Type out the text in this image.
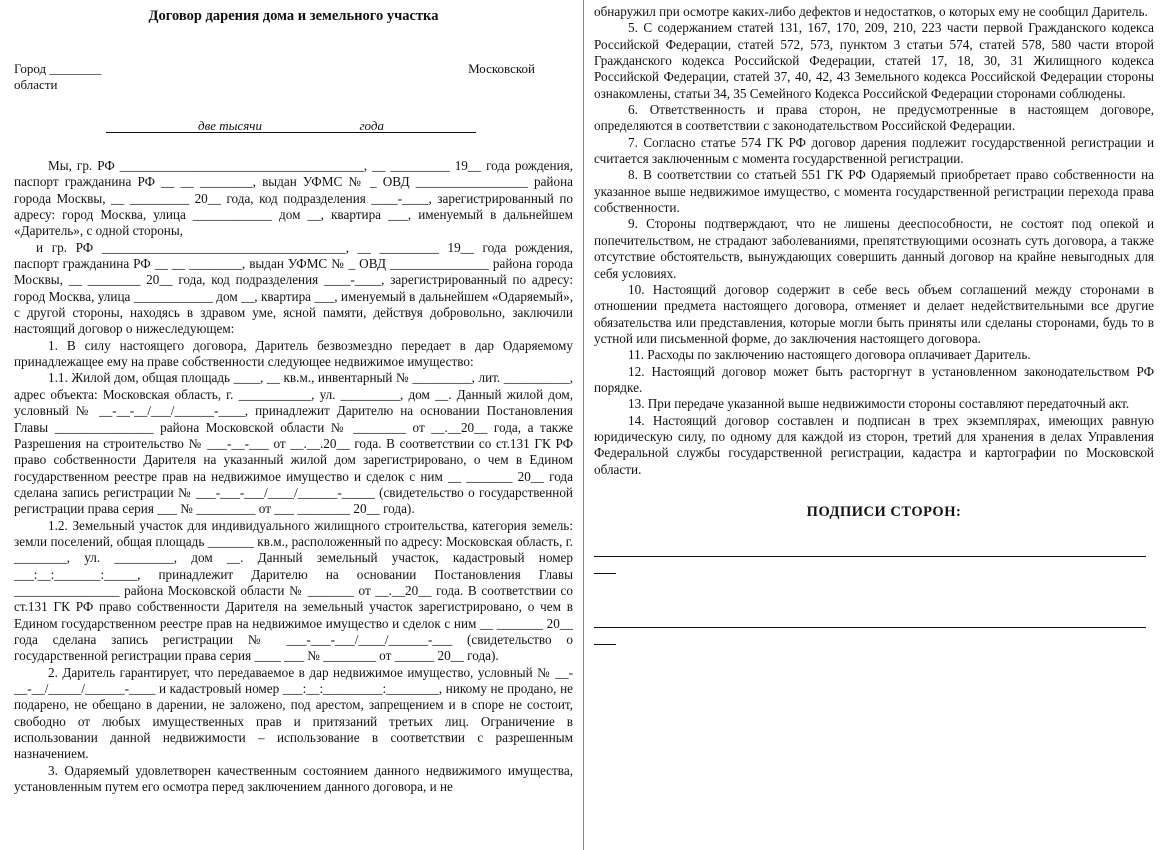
Договор дарения дома и земельного участка
Город ________	Московской
области
две тысячи                              года

Мы, гр. РФ _____________________________________, __ _________ 19__ года рождения, паспорт гражданина РФ __ __ ________, выдан УФМС № _ ОВД _________________ района города Москвы, __ _________ 20__ года, код подразделения ____-____, зарегистрированный по адресу: город Москва, улица ____________ дом __, квартира ___, именуемый в дальнейшем «Даритель», с одной стороны,

и гр. РФ _____________________________________, __ _________ 19__ года рождения, паспорт гражданина РФ __ __ ________, выдан УФМС № _ ОВД _______________ района города Москвы, __ ________ 20__ года, код подразделения ____-____, зарегистрированный по адресу: город Москва, улица ____________ дом __, квартира ___, именуемый в дальнейшем «Одаряемый», с другой стороны, находясь в здравом уме, ясной памяти, действуя добровольно, заключили настоящий договор о нижеследующем:

1. В силу настоящего договора, Даритель безвозмездно передает в дар Одаряемому принадлежащее ему на праве собственности следующее недвижимое имущество:

1.1. Жилой дом, общая площадь ____, __ кв.м., инвентарный № _________, лит. __________, адрес объекта: Московская область, г. ___________, ул. _________, дом __. Данный жилой дом, условный № __-__-__/___/______-____, принадлежит Дарителю на основании Постановления Главы _______________ района Московской области № ________ от __.__20__ года, а также Разрешения на строительство № ___-__-___ от __.__.20__ года. В соответствии со ст.131 ГК РФ право собственности Дарителя на указанный жилой дом зарегистрировано, о чем в Едином государственном реестре прав на недвижимое имущество и сделок с ним __ _______ 20__ года сделана запись регистрации № ___-___-___/____/______-_____ (свидетельство о государственной регистрации права серия ___ № _________ от ___ ________ 20__ года).

1.2. Земельный участок для индивидуального жилищного строительства, категория земель: земли поселений, общая площадь _______ кв.м., расположенный по адресу: Московская область, г. ________, ул. _________, дом __. Данный земельный участок, кадастровый номер ___:__:_______:_____, принадлежит Дарителю на основании Постановления Главы ________________ района Московской области № _______ от __.__20__ года. В соответствии со ст.131 ГК РФ право собственности Дарителя на земельный участок зарегистрировано, о чем в Едином государственном реестре прав на недвижимое имущество и сделок с ним __ _______ 20__ года сделана запись регистрации № ___-___-___/____/______-___ (свидетельство о государственной регистрации права серия ____ ___ № ________ от ______ 20__ года).

2. Даритель гарантирует, что передаваемое в дар недвижимое имущество, условный № __-__-__/_____/______-____ и кадастровый номер ___:__:_________:________, никому не продано, не подарено, не обещано в дарении, не заложено, под арестом, запрещением и в споре не состоит, свободно от любых имущественных прав и притязаний третьих лиц. Ограничение в использовании данной недвижимости – использование в соответствии с разрешенным назначением.

3. Одаряемый удовлетворен качественным состоянием данного недвижимого имущества, установленным путем его осмотра перед заключением данного договора, и не

обнаружил при осмотре каких-либо дефектов и недостатков, о которых ему не сообщил Даритель.

5. С содержанием статей 131, 167, 170, 209, 210, 223 части первой Гражданского кодекса Российской Федерации, статей 572, 573, пунктом 3 статьи 574, статей 578, 580 части второй Гражданского кодекса Российской Федерации, статей 17, 18, 30, 31 Жилищного кодекса Российской Федерации, статей 37, 40, 42, 43 Земельного кодекса Российской Федерации стороны ознакомлены, статьи 34, 35 Семейного Кодекса Российской Федерации сторонами соблюдены.

6. Ответственность и права сторон, не предусмотренные в настоящем договоре, определяются в соответствии с законодательством Российской Федерации.

7. Согласно статье 574 ГК РФ договор дарения подлежит государственной регистрации и считается заключенным с момента государственной регистрации.

8. В соответствии со статьей 551 ГК РФ Одаряемый приобретает право собственности на указанное выше недвижимое имущество, с момента государственной регистрации перехода права собственности.

9. Стороны подтверждают, что не лишены дееспособности, не состоят под опекой и попечительством, не страдают заболеваниями, препятствующими осознать суть договора, а также отсутствие обстоятельств, вынуждающих совершить данный договор на крайне невыгодных для себя условиях.

10. Настоящий договор содержит в себе весь объем соглашений между сторонами в отношении предмета настоящего договора, отменяет и делает недействительными все другие обязательства или представления, которые могли быть приняты или сделаны сторонами, будь то в устной или письменной форме, до заключения настоящего договора.

11. Расходы по заключению настоящего договора оплачивает Даритель.

12. Настоящий договор может быть расторгнут в установленном законодательством РФ порядке.

13. При передаче указанной выше недвижимости стороны составляют передаточный акт.

14. Настоящий договор составлен и подписан в трех экземплярах, имеющих равную юридическую силу, по одному для каждой из сторон, третий для хранения в делах Управления Федеральной службы государственной регистрации, кадастра и картографии по Московской области.

ПОДПИСИ СТОРОН:
